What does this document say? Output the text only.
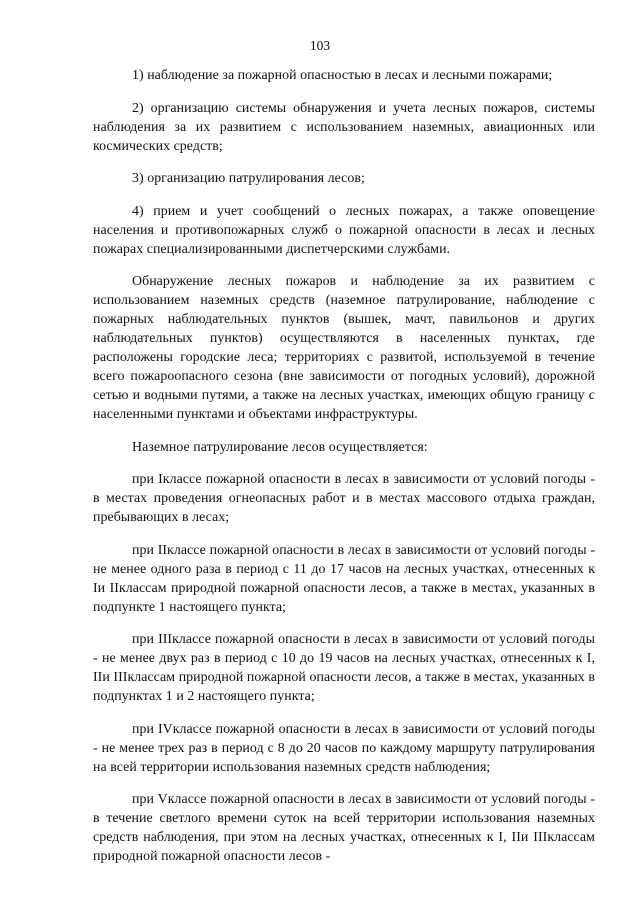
103

1) наблюдение за пожарной опасностью в лесах и лесными пожарами;

2) организацию системы обнаружения и учета лесных пожаров, системы наблюдения за их развитием с использованием наземных, авиационных или космических средств;

3) организацию патрулирования лесов;

4) прием и учет сообщений о лесных пожарах, а также оповещение населения и противопожарных служб о пожарной опасности в лесах и лесных пожарах специализированными диспетчерскими службами.

Обнаружение лесных пожаров и наблюдение за их развитием с использованием наземных средств (наземное патрулирование, наблюдение с пожарных наблюдательных пунктов (вышек, мачт, павильонов и других наблюдательных пунктов) осуществляются в населенных пунктах, где расположены городские леса; территориях с развитой, используемой в течение всего пожароопасного сезона (вне зависимости от погодных условий), дорожной сетью и водными путями, а также на лесных участках, имеющих общую границу с населенными пунктами и объектами инфраструктуры.

Наземное патрулирование лесов осуществляется:

при Iклассе пожарной опасности в лесах в зависимости от условий погоды - в местах проведения огнеопасных работ и в местах массового отдыха граждан, пребывающих в лесах;

при IIклассе пожарной опасности в лесах в зависимости от условий погоды - не менее одного раза в период с 11 до 17 часов на лесных участках, отнесенных к Iи IIклассам природной пожарной опасности лесов, а также в местах, указанных в подпункте 1 настоящего пункта;

при IIIклассе пожарной опасности в лесах в зависимости от условий погоды - не менее двух раз в период с 10 до 19 часов на лесных участках, отнесенных к I, IIи IIIклассам природной пожарной опасности лесов, а также в местах, указанных в подпунктах 1 и 2 настоящего пункта;

при IVклассе пожарной опасности в лесах в зависимости от условий погоды - не менее трех раз в период с 8 до 20 часов по каждому маршруту патрулирования на всей территории использования наземных средств наблюдения;

при Vклассе пожарной опасности в лесах в зависимости от условий погоды - в течение светлого времени суток на всей территории использования наземных средств наблюдения, при этом на лесных участках, отнесенных к I, IIи IIIклассам природной пожарной опасности лесов -
